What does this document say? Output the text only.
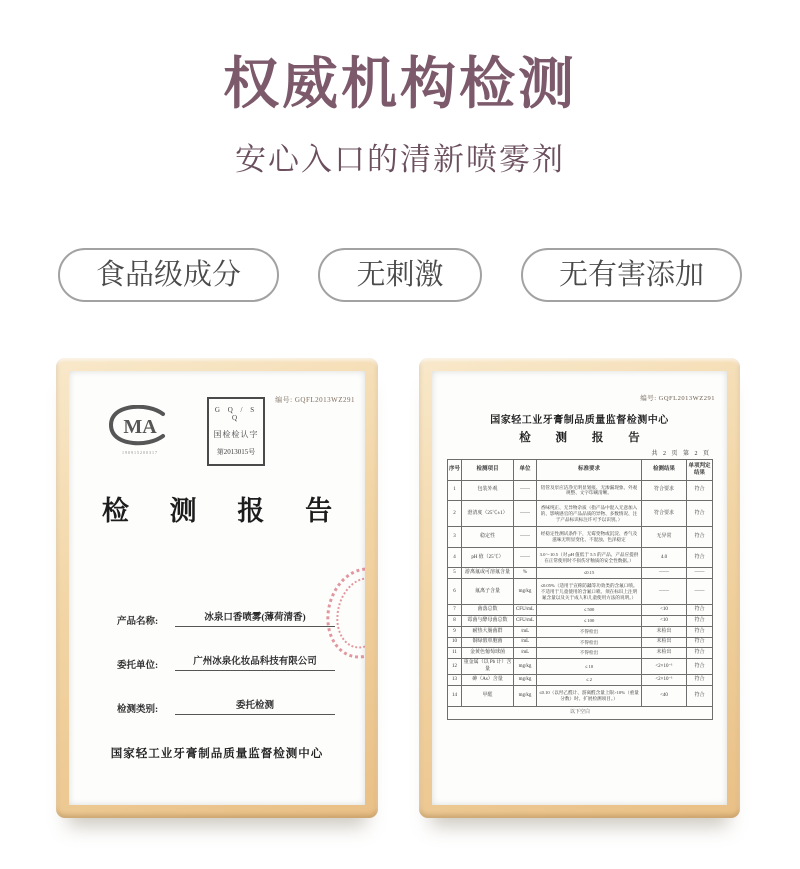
权威机构检测
安心入口的清新喷雾剂
食品级成分	无刺激	无有害添加
编号: GQFL2013WZ291
MA
190915200317
G Q / S Q
国检检认字
第2013015号
检 测 报 告
产品名称:	冰泉口香喷雾(薄荷清香)
委托单位:	广州冰泉化妆品科技有限公司
检测类别:	委托检测
国家轻工业牙膏制品质量监督检测中心
编号: GQFL2013WZ291
国家轻工业牙膏制品质量监督检测中心
检 测 报 告
共 2 页 第 2 页
序号	检测项目	单位	标准要求	检测结果	单项判定结果
1	包装外观	——	铝管及泵应洁净无明显划痕、无渗漏现象、外观规整、文字印刷清晰。	符合要求	符合
2	澄清度（25℃±1）	——	香味纯正、无异物杂质（指产品中混入无意加入的、影响感官的产品品质的异物、多数情况、注于产品标识标注许可予以识别。）	符合要求	符合
3	稳定性	——	经稳定性测试条件下，无霉变物或沉淀、香气及滋味无明显变化、不混浊、色泽稳定	无异常	符合
4	pH 值（25℃）	——	3.0～10.5（对 pH 值低于 5.5 的产品、产品应提供在正常使用时不损伤牙釉质的安全性数据。）	4.0	符合
5	游离氟或可溶氟含量	%	≤0.15	——	——
6	氟离子含量	mg/kg	≤0.05%（适用于宣称防龋等功效类的含氟口喷。不适用于儿童使用的含氟口喷。须在标识上注明氟含量以及关于成人和儿童使用方法的说明。）	——	——
7	菌落总数	CFU/mL	≤ 500	<10	符合
8	霉菌与酵母菌总数	CFU/mL	≤ 100	<10	符合
9	耐热大肠菌群	/mL	不得检出	未检出	符合
10	铜绿假单胞菌	/mL	不得检出	未检出	符合
11	金黄色葡萄球菌	/mL	不得检出	未检出	符合
12	重金属（以 Pb 计）含量	mg/kg	≤ 10	<2×10⁻¹	符合
13	砷（As）含量	mg/kg	≤ 2	<2×10⁻¹	符合
14	甲醛	mg/kg	≤0.10（以羟乙醛计、游离醛含量上限>10%（重量分数）时、扩展检测项目。）	<40	符合
以下空白					
